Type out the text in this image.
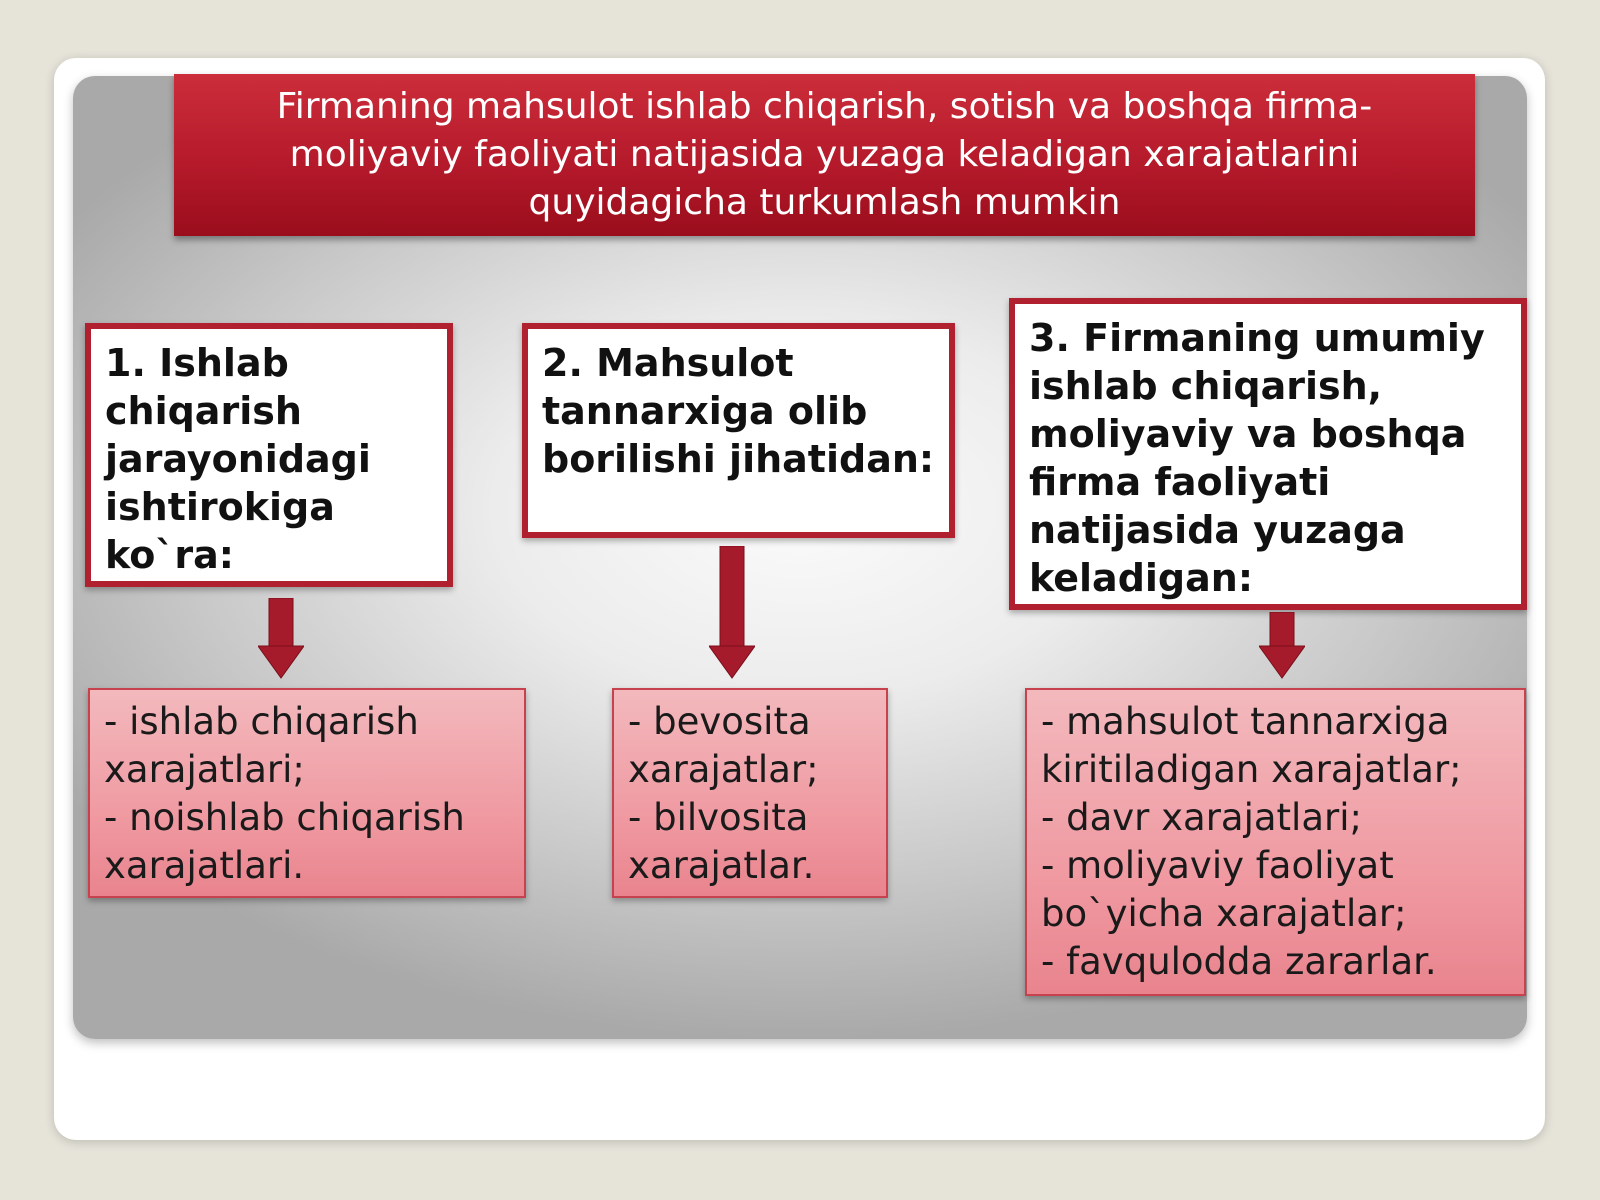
Firmaning mahsulot ishlab chiqarish, sotish va boshqa firma-
moliyaviy faoliyati natijasida yuzaga keladigan xarajatlarini
quyidagicha turkumlash mumkin
1. Ishlab
chiqarish
jarayonidagi
ishtirokiga
ko`ra:
- ishlab chiqarish
xarajatlari;
- noishlab chiqarish
xarajatlari.
2. Mahsulot
tannarxiga olib
borilishi jihatidan:
- bevosita
xarajatlar;
- bilvosita
xarajatlar.
3. Firmaning umumiy
ishlab chiqarish,
moliyaviy va boshqa
firma faoliyati
natijasida yuzaga
keladigan:
- mahsulot tannarxiga
kiritiladigan xarajatlar;
- davr xarajatlari;
- moliyaviy faoliyat
bo`yicha xarajatlar;
- favqulodda zararlar.
